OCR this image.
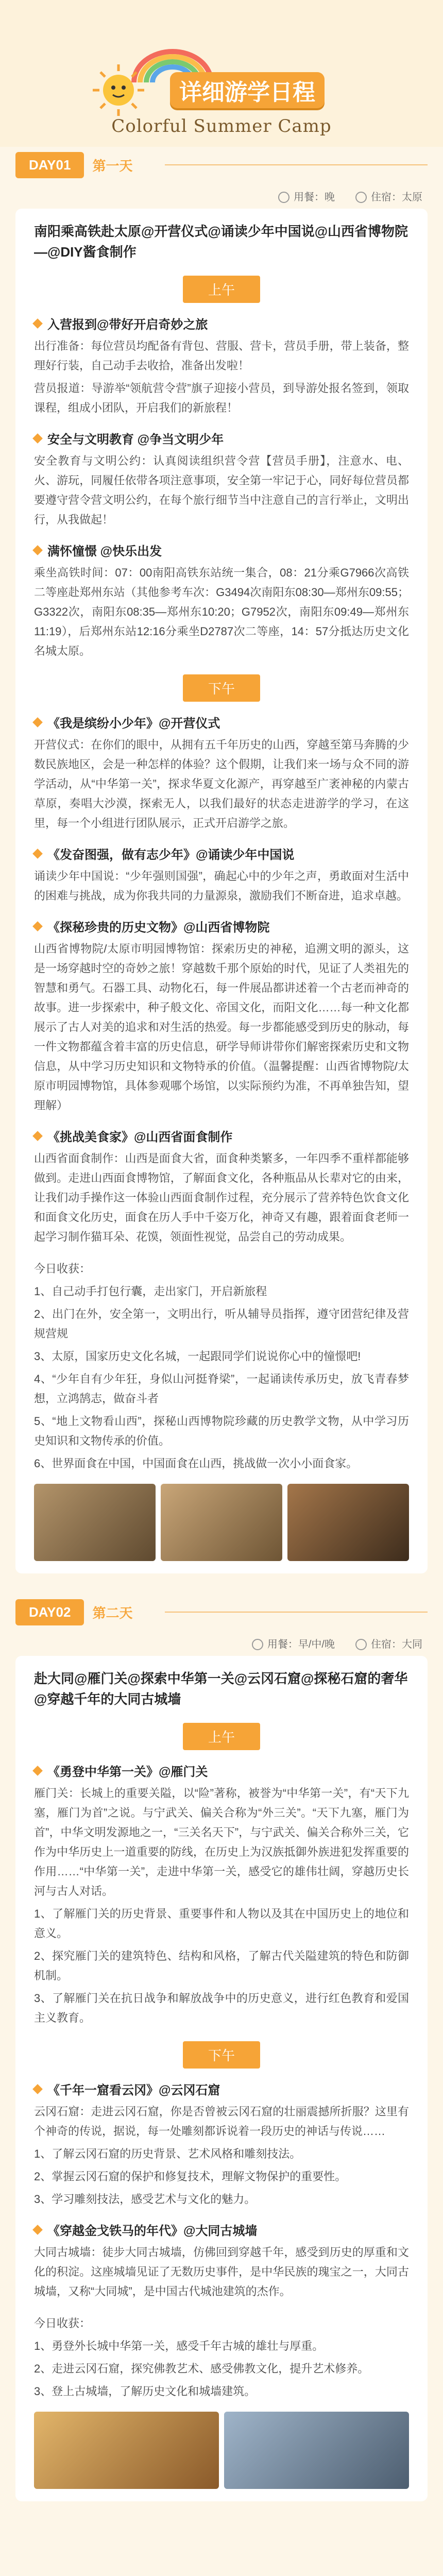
详细游学日程
Colorful Summer Camp
DAY01	第一天
用餐：晚	住宿：太原
南阳乘高铁赴太原@开营仪式@诵读少年中国说@山西省博物院—@DIY酱食制作
上午
入营报到@带好开启奇妙之旅

出行准备：每位营员均配备有背包、营服、营卡，营员手册，带上装备，整理好行装，自己动手去收拾，准备出发啦！

营员报道：导游举“领航营令营”旗子迎接小营员，到导游处报名签到，领取课程，组成小团队，开启我们的新旅程！

安全与文明教育 @争当文明少年

安全教育与文明公约：认真阅读组织营令营【营员手册】，注意水、电、火、游玩，同履任依带各项注意事项，安全第一牢记于心，同好每位营员都要遵守营令营文明公约，在每个旅行细节当中注意自己的言行举止，文明出行，从我做起！

满怀憧憬 @快乐出发

乘坐高铁时间：07：00南阳高铁东站统一集合，08：21分乘G7966次高铁二等座赴郑州东站（其他参考车次：G3494次南阳东08:30—郑州东09:55；G3322次，南阳东08:35—郑州东10:20；G7952次，南阳东09:49—郑州东11:19），后郑州东站12:16分乘坐D2787次二等座，14：57分抵达历史文化名城太原。

下午
《我是缤纷小少年》@开营仪式

开营仪式：在你们的眼中，从拥有五千年历史的山西，穿越至第马奔腾的少数民族地区，会是一种怎样的体验？这个假期，让我们来一场与众不同的游学活动，从“中华第一关”，探求华夏文化源产，再穿越至广袤神秘的内蒙古草原，奏唱大沙漠，探索无人，以我们最好的状态走进游学的学习，在这里，每一个小组进行团队展示，正式开启游学之旅。

《发奋图强，做有志少年》@诵读少年中国说

诵读少年中国说：“少年强则国强”，确起心中的少年之声，勇敢面对生活中的困难与挑战，成为你我共同的力量源泉，激励我们不断奋进，追求卓越。

《探秘珍贵的历史文物》@山西省博物院

山西省博物院/太原市明园博物馆：探索历史的神秘，追溯文明的源头，这是一场穿越时空的奇妙之旅！穿越数千那个原始的时代，见证了人类祖先的智慧和勇气。石器工具、动物化石，每一件展品都讲述着一个古老而神奇的故事。进一步探索中，种子般文化、帝国文化，而阳文化……每一种文化都展示了古人对美的追求和对生活的热爱。每一步都能感受到历史的脉动，每一件文物都蕴含着丰富的历史信息，研学导师讲带你们解密探索历史和文物信息，从中学习历史知识和文物特承的价值。（温馨提醒：山西省博物院/太原市明园博物馆，具体参观哪个场馆，以实际预约为准，不再单独告知，望理解）

《挑战美食家》@山西省面食制作

山西省面食制作：山西是面食大省，面食种类繁多，一年四季不重样都能够做到。走进山西面食博物馆，了解面食文化，各种瓶品从长辈对它的由来，让我们动手操作这一体验山西面食制作过程，充分展示了营养特色饮食文化和面食文化历史，面食在历人手中千姿万化，神奇又有趣，跟着面食老师一起学习制作猫耳朵、花馍，领面性视觉，品尝自己的劳动成果。

今日收获：

1、自己动手打包行囊，走出家门，开启新旅程

2、出门在外，安全第一，文明出行，听从辅导员指挥，遵守团营纪律及营规营规

3、太原，国家历史文化名城，一起跟同学们说说你心中的憧憬吧!

4、“少年自有少年狂，身似山河挺脊梁”，一起诵读传承历史，放飞青春梦想，立鸿鹄志，做奋斗者

5、“地上文物看山西”，探秘山西博物院珍藏的历史教学文物，从中学习历史知识和文物传承的价值。

6、世界面食在中国，中国面食在山西，挑战做一次小小面食家。

DAY02	第二天
用餐：早/中/晚	住宿：大同
赴大同@雁门关@探索中华第一关@云冈石窟@探秘石窟的奢华@穿越千年的大同古城墙
上午
《勇登中华第一关》@雁门关

雁门关：长城上的重要关隘，以“险”著称，被誉为“中华第一关”，有“天下九塞，雁门为首”之说。与宁武关、偏关合称为“外三关”。“天下九塞，雁门为首”，中华文明发源地之一，“三关名天下”，与宁武关、偏关合称外三关，它作为中华历史上一道重要的防线，在历史上为汉族抵御外族进犯发挥重要的作用……“中华第一关”，走进中华第一关，感受它的雄伟壮阔，穿越历史长河与古人对话。

1、了解雁门关的历史背景、重要事件和人物以及其在中国历史上的地位和意义。

2、探究雁门关的建筑特色、结构和风格，了解古代关隘建筑的特色和防御机制。

3、了解雁门关在抗日战争和解放战争中的历史意义，进行红色教育和爱国主义教育。

下午
《千年一窟看云冈》@云冈石窟

云冈石窟：走进云冈石窟，你是否曾被云冈石窟的壮丽震撼所折服？这里有个神奇的传说，据说，每一处雕刻都诉说着一段历史的神话与传说……

1、了解云冈石窟的历史背景、艺术风格和雕刻技法。

2、掌握云冈石窟的保护和修复技术，理解文物保护的重要性。

3、学习雕刻技法，感受艺术与文化的魅力。

《穿越金戈铁马的年代》@大同古城墙

大同古城墙：徒步大同古城墙，仿佛回到穿越千年，感受到历史的厚重和文化的积淀。这座城墙见证了无数历史事件，是中华民族的瑰宝之一，大同古城墙，又称“大同城”，是中国古代城池建筑的杰作。

今日收获：

1、勇登外长城中华第一关，感受千年古城的雄壮与厚重。

2、走进云冈石窟，探究佛教艺术、感受佛教文化，提升艺术修养。

3、登上古城墙，了解历史文化和城墙建筑。
